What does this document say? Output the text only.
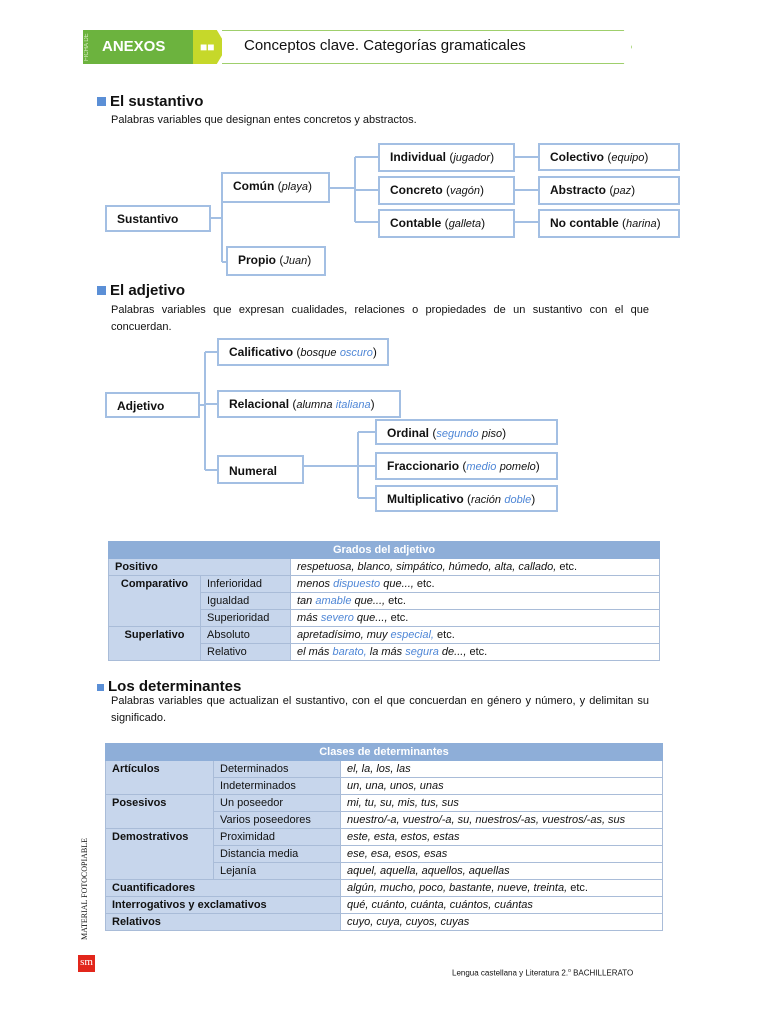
FICHA DE ANEXOS	■■ Conceptos clave. Categorías gramaticales
El sustantivo
Palabras variables que designan entes concretos y abstractos.
Sustantivo
Común (playa)
Propio (Juan)
Individual (jugador)
Concreto (vagón)
Contable (galleta)
Colectivo (equipo)
Abstracto (paz)
No contable (harina)
El adjetivo
Palabras variables que expresan cualidades, relaciones o propiedades de un sustantivo con el que concuerdan.
Adjetivo
Calificativo (bosque oscuro)
Relacional (alumna italiana)
Numeral
Ordinal (segundo piso)
Fraccionario (medio pomelo)
Multiplicativo (ración doble)
Grados del adjetivo		
Positivo		respetuosa, blanco, simpático, húmedo, alta, callado, etc.
Comparativo	Inferioridad	menos dispuesto que..., etc.
	Igualdad	tan amable que..., etc.
	Superioridad	más severo que..., etc.
Superlativo	Absoluto	apretadísimo, muy especial, etc.
	Relativo	el más barato, la más segura de..., etc.
Los determinantes
Palabras variables que actualizan el sustantivo, con el que concuerdan en género y número, y delimitan su significado.
Clases de determinantes		
Artículos	Determinados	el, la, los, las
	Indeterminados	un, una, unos, unas
Posesivos	Un poseedor	mi, tu, su, mis, tus, sus
	Varios poseedores	nuestro/-a, vuestro/-a, su, nuestros/-as, vuestros/-as, sus
Demostrativos	Proximidad	este, esta, estos, estas
	Distancia media	ese, esa, esos, esas
	Lejanía	aquel, aquella, aquellos, aquellas
Cuantificadores		algún, mucho, poco, bastante, nueve, treinta, etc.
Interrogativos y exclamativos		qué, cuánto, cuánta, cuántos, cuántas
Relativos		cuyo, cuya, cuyos, cuyas
MATERIAL FOTOCOPIABLE
sm
Lengua castellana y Literatura 2.$^o$ BACHILLERATO
